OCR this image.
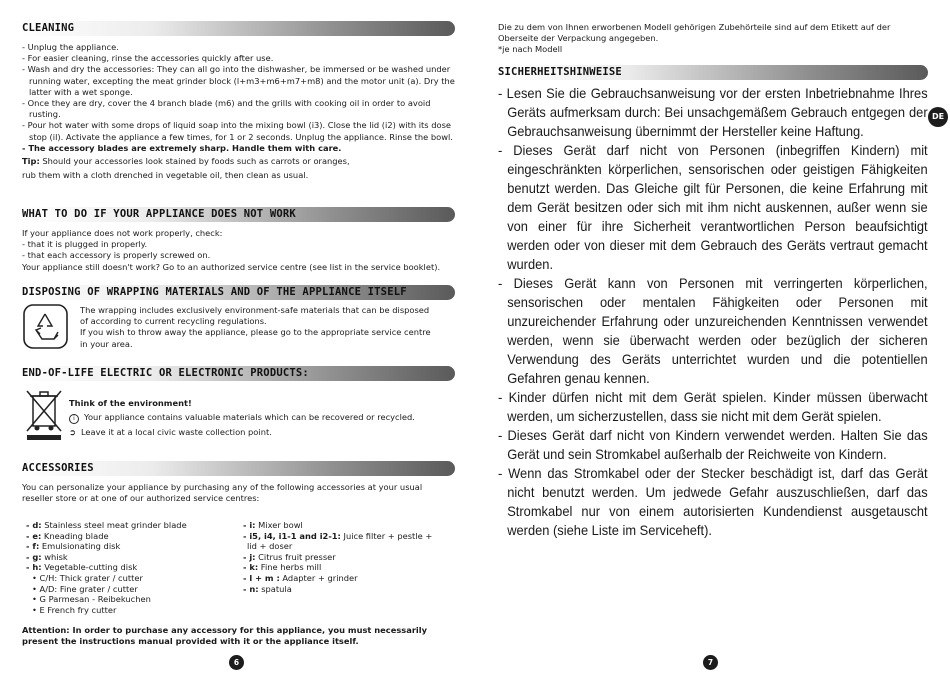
CLEANING

- Unplug the appliance.

- For easier cleaning, rinse the accessories quickly after use.

- Wash and dry the accessories: They can all go into the dishwasher, be immersed or be washed under running water, excepting the meat grinder block (l+m3+m6+m7+m8) and the motor unit (a). Dry the latter with a wet sponge.

- Once they are dry, cover the 4 branch blade (m6) and the grills with cooking oil in order to avoid rusting.

- Pour hot water with some drops of liquid soap into the mixing bowl (i3). Close the lid (i2) with its dose stop (il). Activate the appliance a few times, for 1 or 2 seconds. Unplug the appliance. Rinse the bowl.

- The accessory blades are extremely sharp. Handle them with care.

Tip: Should your accessories look stained by foods such as carrots or oranges,

rub them with a cloth drenched in vegetable oil, then clean as usual.

WHAT TO DO IF YOUR APPLIANCE DOES NOT WORK

If your appliance does not work properly, check:

- that it is plugged in properly.

- that each accessory is properly screwed on.

Your appliance still doesn't work? Go to an authorized service centre (see list in the service booklet).

DISPOSING OF WRAPPING MATERIALS AND OF THE APPLIANCE ITSELF

The wrapping includes exclusively environment-safe materials that can be disposed

of according to current recycling regulations.

If you wish to throw away the appliance, please go to the appropriate service centre

in your area.

END-OF-LIFE ELECTRIC OR ELECTRONIC PRODUCTS:

Think of the environment!

i Your appliance contains valuable materials which can be recovered or recycled.

➲ Leave it at a local civic waste collection point.

ACCESSORIES
You can personalize your appliance by purchasing any of the following accessories at your usual reseller store or at one of our authorized service centres:

- d: Stainless steel meat grinder blade

- e: Kneading blade

- f: Emulsionating disk

- g: whisk

- h: Vegetable-cutting disk

• C/H: Thick grater / cutter

• A/D: Fine grater / cutter

• G Parmesan - Reibekuchen

• E French fry cutter

- i: Mixer bowl

- i5, i4, i1-1 and i2-1: Juice filter + pestle +

lid + doser

- j: Citrus fruit presser

- k: Fine herbs mill

- l + m : Adapter + grinder

- n: spatula

Attention: In order to purchase any accessory for this appliance, you must necessarily present the instructions manual provided with it or the appliance itself.
6

Die zu dem von Ihnen erworbenen Modell gehörigen Zubehörteile sind auf dem Etikett auf der

Oberseite der Verpackung angegeben.

*je nach Modell

SICHERHEITSHINWEISE

- Lesen Sie die Gebrauchsanweisung vor der ersten Inbetriebnahme Ihres Geräts aufmerksam durch: Bei unsachgemäßem Gebrauch entgegen der Gebrauchsanweisung übernimmt der Hersteller keine Haftung.

- Dieses Gerät darf nicht von Personen (inbegriffen Kindern) mit eingeschränkten körperlichen, sensorischen oder geistigen Fähigkeiten benutzt werden. Das Gleiche gilt für Personen, die keine Erfahrung mit dem Gerät besitzen oder sich mit ihm nicht auskennen, außer wenn sie von einer für ihre Sicherheit verantwortlichen Person beaufsichtigt werden oder von dieser mit dem Gebrauch des Geräts vertraut gemacht wurden.

- Dieses Gerät kann von Personen mit verringerten körperlichen, sensorischen oder mentalen Fähigkeiten oder Personen mit unzureichender Erfahrung oder unzureichenden Kenntnissen verwendet werden, wenn sie überwacht werden oder bezüglich der sicheren Verwendung des Geräts unterrichtet wurden und die potentiellen Gefahren genau kennen.

- Kinder dürfen nicht mit dem Gerät spielen. Kinder müssen überwacht werden, um sicherzustellen, dass sie nicht mit dem Gerät spielen.

- Dieses Gerät darf nicht von Kindern verwendet werden. Halten Sie das Gerät und sein Stromkabel außerhalb der Reichweite von Kindern.

- Wenn das Stromkabel oder der Stecker beschädigt ist, darf das Gerät nicht benutzt werden. Um jedwede Gefahr auszuschließen, darf das Stromkabel nur von einem autorisierten Kundendienst ausgetauscht werden (siehe Liste im Serviceheft).

7
DE
